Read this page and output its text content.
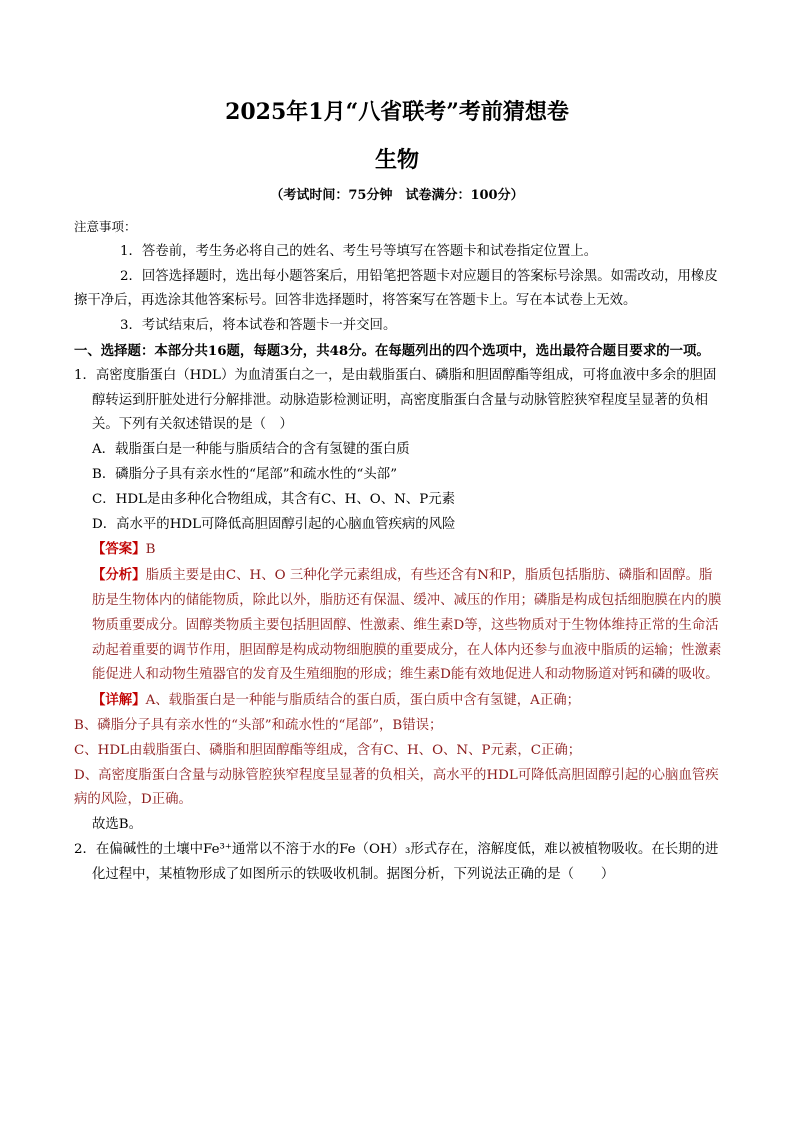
2025年1月“八省联考”考前猜想卷
生物
（考试时间：75分钟　试卷满分：100分）

注意事项：

1．答卷前，考生务必将自己的姓名、考生号等填写在答题卡和试卷指定位置上。

2．回答选择题时，选出每小题答案后，用铅笔把答题卡对应题目的答案标号涂黑。如需改动，用橡皮擦干净后，再选涂其他答案标号。回答非选择题时，将答案写在答题卡上。写在本试卷上无效。

3．考试结束后，将本试卷和答题卡一并交回。

一、选择题：本部分共16题，每题3分，共48分。在每题列出的四个选项中，选出最符合题目要求的一项。

1．高密度脂蛋白（HDL）为血清蛋白之一，是由载脂蛋白、磷脂和胆固醇酯等组成，可将血液中多余的胆固醇转运到肝脏处进行分解排泄。动脉造影检测证明，高密度脂蛋白含量与动脉管腔狭窄程度呈显著的负相关。下列有关叙述错误的是（　）

A．载脂蛋白是一种能与脂质结合的含有氢键的蛋白质

B．磷脂分子具有亲水性的“尾部”和疏水性的“头部”

C．HDL是由多种化合物组成，其含有C、H、O、N、P元素

D．高水平的HDL可降低高胆固醇引起的心脑血管疾病的风险

【答案】B

【分析】脂质主要是由C、H、O 三种化学元素组成，有些还含有N和P，脂质包括脂肪、磷脂和固醇。脂肪是生物体内的储能物质，除此以外，脂肪还有保温、缓冲、减压的作用；磷脂是构成包括细胞膜在内的膜物质重要成分。固醇类物质主要包括胆固醇、性激素、维生素D等，这些物质对于生物体维持正常的生命活动起着重要的调节作用，胆固醇是构成动物细胞膜的重要成分，在人体内还参与血液中脂质的运输；性激素能促进人和动物生殖器官的发育及生殖细胞的形成；维生素D能有效地促进人和动物肠道对钙和磷的吸收。

【详解】A、载脂蛋白是一种能与脂质结合的蛋白质，蛋白质中含有氢键，A正确；

B、磷脂分子具有亲水性的“头部”和疏水性的“尾部”，B错误；

C、HDL由载脂蛋白、磷脂和胆固醇酯等组成，含有C、H、O、N、P元素，C正确；

D、高密度脂蛋白含量与动脉管腔狭窄程度呈显著的负相关，高水平的HDL可降低高胆固醇引起的心脑血管疾病的风险，D正确。

故选B。

2．在偏碱性的土壤中Fe³⁺通常以不溶于水的Fe（OH）₃形式存在，溶解度低，难以被植物吸收。在长期的进化过程中，某植物形成了如图所示的铁吸收机制。据图分析，下列说法正确的是（　　）
